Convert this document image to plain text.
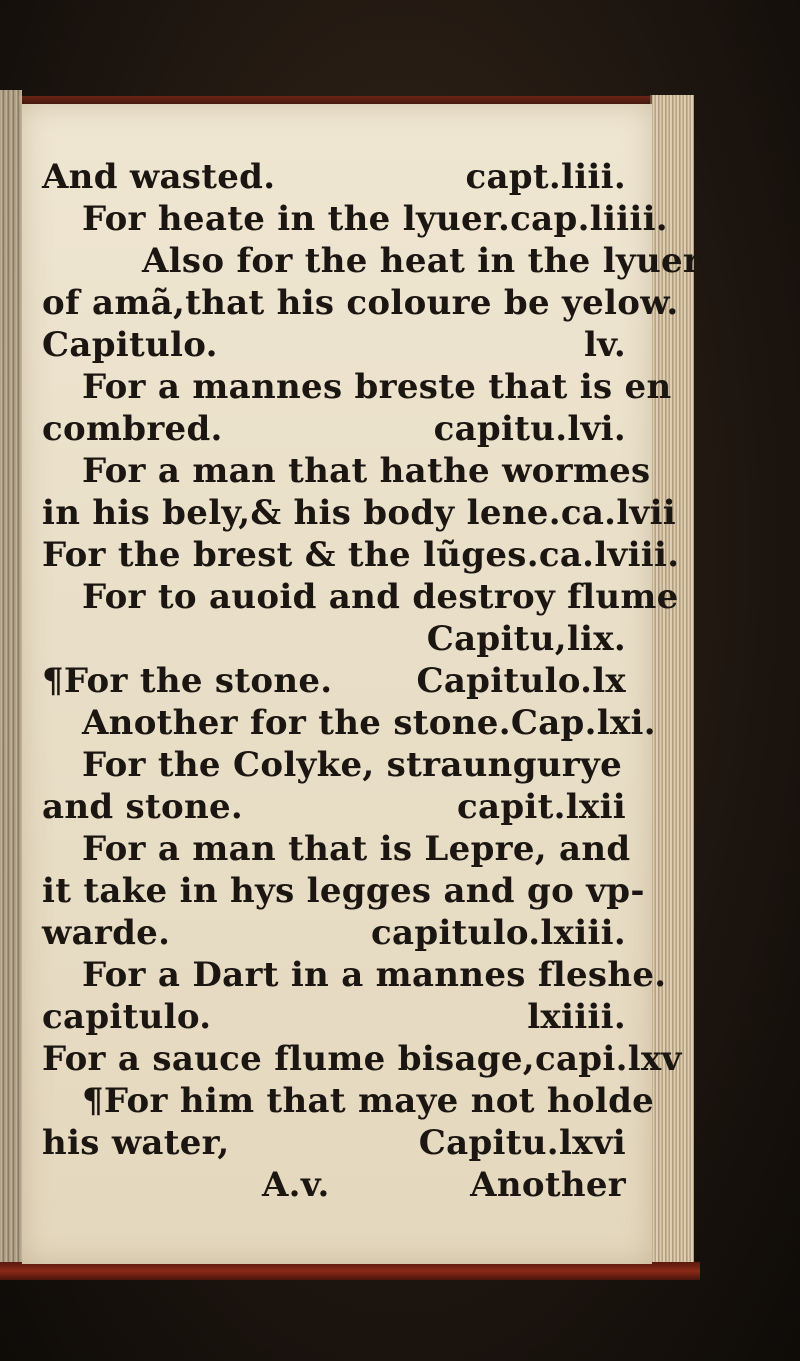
And wasted.	capt.liii.
For heate in the lyuer.cap.liiii.
Also for the heat in the lyuer
of amã,that his coloure be yelow.
Capitulo.	lv.
For a mannes breste that is en
combred.	capitu.lvi.
For a man that hathe wormes
in his bely,& his body lene.ca.lvii
For the brest & the lũges.ca.lviii.
For to auoid and destroy flume
Capitu,lix.
¶For the stone. Capitulo.lx
Another for the stone.Cap.lxi.
For the Colyke, straungurye
and stone.	capit.lxii
For a man that is Lepre, and
it take in hys legges and go vp-
warde.	capitulo.lxiii.
For a Dart in a mannes fleshe.
capitulo.	lxiiii.
For a sauce flume bisage,capi.lxv
¶For him that maye not holde
his water,	Capitu.lxvi
A.v.	Another
